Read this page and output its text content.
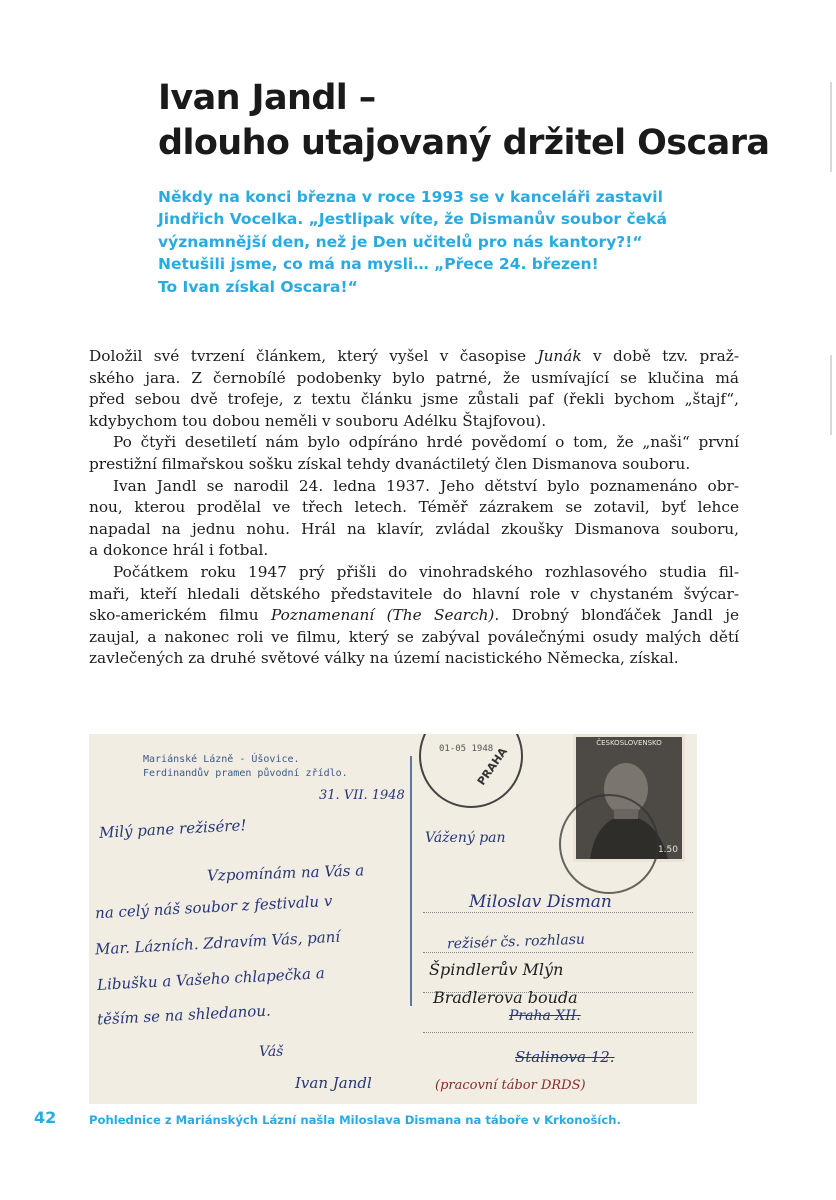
Ivan Jandl –
dlouho utajovaný držitel Oscara
Někdy na konci března v roce 1993 se v kanceláři zastavil
Jindřich Vocelka. „Jestlipak víte, že Dismanův soubor čeká
významnější den, než je Den učitelů pro nás kantory?!“
Netušili jsme, co má na mysli… „Přece 24. březen!
To Ivan získal Oscara!“
Doložil své tvrzení článkem, který vyšel v časopise Junák v době tzv. praž-
ského jara. Z černobílé podobenky bylo patrné, že usmívající se klučina má
před sebou dvě trofeje, z textu článku jsme zůstali paf (řekli bychom „štajf“,
kdybychom tou dobou neměli v souboru Adélku Štajfovou).
Po čtyři desetiletí nám bylo odpíráno hrdé povědomí o tom, že „naši“ první
prestižní filmařskou sošku získal tehdy dvanáctiletý člen Dismanova souboru.
Ivan Jandl se narodil 24. ledna 1937. Jeho dětství bylo poznamenáno obr-
nou, kterou prodělal ve třech letech. Téměř zázrakem se zotavil, byť lehce
napadal na jednu nohu. Hrál na klavír, zvládal zkoušky Dismanova souboru,
a dokonce hrál i fotbal.
Počátkem roku 1947 prý přišli do vinohradského rozhlasového studia fil-
maři, kteří hledali dětského představitele do hlavní role v chystaném švýcar-
sko-americkém filmu Poznamenaní (The Search). Drobný blonďáček Jandl je
zaujal, a nakonec roli ve filmu, který se zabýval poválečnými osudy malých dětí
zavlečených za druhé světové války na území nacistického Německa, získal.
Mariánské Lázně - Úšovice.
Ferdinandův pramen původní zřídlo.
31. VII. 1948
Milý pane režisére!
Vzpomínám na Vás a
na celý náš soubor z festivalu v
Mar. Lázních. Zdravím Vás, paní
Libušku a Vašeho chlapečka a
těším se na shledanou.
Váš
Ivan Jandl
01-05 1948
PRAHA
ČESKOSLOVENSKO
1.50
Vážený pan
Miloslav Disman
režisér čs. rozhlasu
Špindlerův Mlýn
Bradlerova bouda
Praha XII.
Stalinova 12.
(pracovní tábor DRDS)
42	Pohlednice z Mariánských Lázní našla Miloslava Dismana na táboře v Krkonoších.
